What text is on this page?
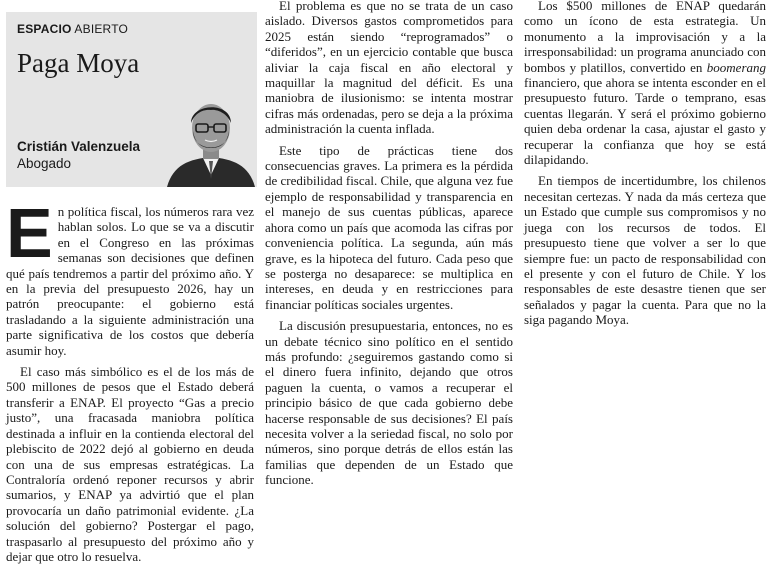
ESPACIO ABIERTO
Paga Moya
Cristián Valenzuela
Abogado

En política fiscal, los números rara vez hablan solos. Lo que se va a discutir en el Congreso en las próximas semanas son decisiones que definen qué país tendremos a partir del próximo año. Y en la previa del presupuesto 2026, hay un patrón preocupante: el gobierno está trasladando a la siguiente administración una parte significativa de los costos que debería asumir hoy.

El caso más simbólico es el de los más de 500 millones de pesos que el Estado deberá transferir a ENAP. El proyecto “Gas a precio justo”, una fracasada maniobra política destinada a influir en la contienda electoral del plebiscito de 2022 dejó al gobierno en deuda con una de sus empresas estratégicas. La Contraloría ordenó reponer recursos y abrir sumarios, y ENAP ya advirtió que el plan provocaría un daño patrimonial evidente. ¿La solución del gobierno? Postergar el pago, traspasarlo al presupuesto del próximo año y dejar que otro lo resuelva.

El problema es que no se trata de un caso aislado. Diversos gastos comprometidos para 2025 están siendo “reprogramados” o “diferidos”, en un ejercicio contable que busca aliviar la caja fiscal en año electoral y maquillar la magnitud del déficit. Es una maniobra de ilusionismo: se intenta mostrar cifras más ordenadas, pero se deja a la próxima administración la cuenta inflada.

Este tipo de prácticas tiene dos consecuencias graves. La primera es la pérdida de credibilidad fiscal. Chile, que alguna vez fue ejemplo de responsabilidad y transparencia en el manejo de sus cuentas públicas, aparece ahora como un país que acomoda las cifras por conveniencia política. La segunda, aún más grave, es la hipoteca del futuro. Cada peso que se posterga no desaparece: se multiplica en intereses, en deuda y en restricciones para financiar políticas sociales urgentes.

La discusión presupuestaria, entonces, no es un debate técnico sino político en el sentido más profundo: ¿seguiremos gastando como si el dinero fuera infinito, dejando que otros paguen la cuenta, o vamos a recuperar el principio básico de que cada gobierno debe hacerse responsable de sus decisiones? El país necesita volver a la seriedad fiscal, no solo por números, sino porque detrás de ellos están las familias que dependen de un Estado que funcione.

Los $500 millones de ENAP quedarán como un ícono de esta estrategia. Un monumento a la improvisación y a la irresponsabilidad: un programa anunciado con bombos y platillos, convertido en boomerang financiero, que ahora se intenta esconder en el presupuesto futuro. Tarde o temprano, esas cuentas llegarán. Y será el próximo gobierno quien deba ordenar la casa, ajustar el gasto y recuperar la confianza que hoy se está dilapidando.

En tiempos de incertidumbre, los chilenos necesitan certezas. Y nada da más certeza que un Estado que cumple sus compromisos y no juega con los recursos de todos. El presupuesto tiene que volver a ser lo que siempre fue: un pacto de responsabilidad con el presente y con el futuro de Chile. Y los responsables de este desastre tienen que ser señalados y pagar la cuenta. Para que no la siga pagando Moya.
